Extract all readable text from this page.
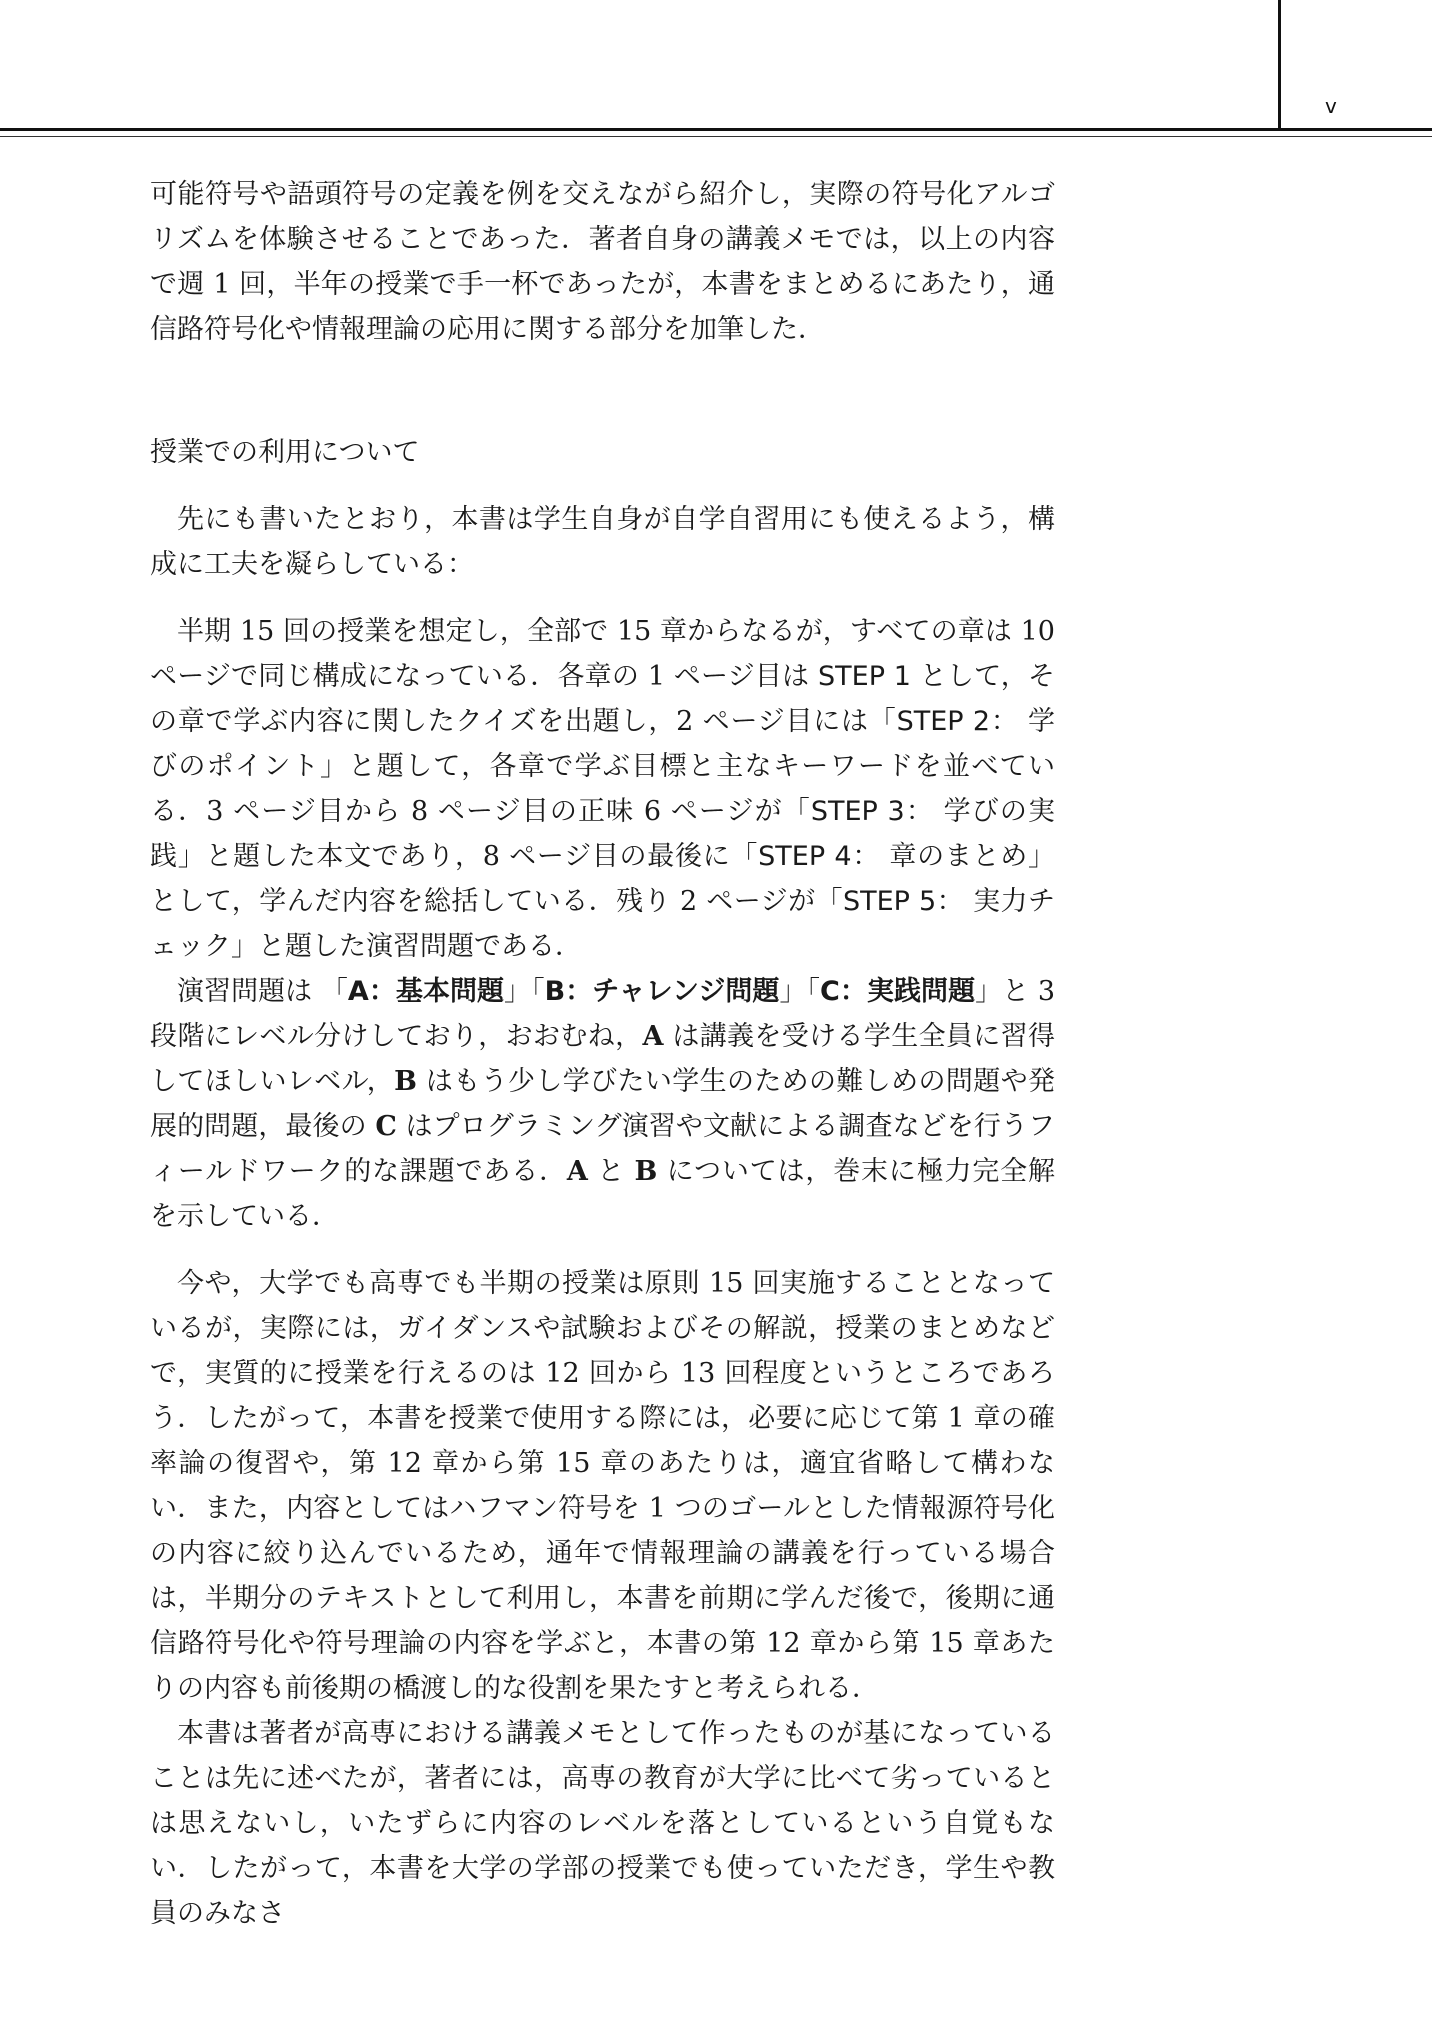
v

可能符号や語頭符号の定義を例を交えながら紹介し，実際の符号化アルゴリズムを体験させることであった．著者自身の講義メモでは，以上の内容で週 1 回，半年の授業で手一杯であったが，本書をまとめるにあたり，通信路符号化や情報理論の応用に関する部分を加筆した．

授業での利用について

先にも書いたとおり，本書は学生自身が自学自習用にも使えるよう，構成に工夫を凝らしている：

半期 15 回の授業を想定し，全部で 15 章からなるが，すべての章は 10 ページで同じ構成になっている．各章の 1 ページ目は STEP 1 として，その章で学ぶ内容に関したクイズを出題し，2 ページ目には「STEP 2： 学びのポイント」と題して，各章で学ぶ目標と主なキーワードを並べている．3 ページ目から 8 ページ目の正味 6 ページが「STEP 3： 学びの実践」と題した本文であり，8 ページ目の最後に「STEP 4： 章のまとめ」として，学んだ内容を総括している．残り 2 ページが「STEP 5： 実力チェック」と題した演習問題である．

演習問題は 「A：基本問題」「B：チャレンジ問題」「C：実践問題」と 3 段階にレベル分けしており，おおむね，A は講義を受ける学生全員に習得してほしいレベル，B はもう少し学びたい学生のための難しめの問題や発展的問題，最後の C はプログラミング演習や文献による調査などを行うフィールドワーク的な課題である．A と B については，巻末に極力完全解を示している．

今や，大学でも高専でも半期の授業は原則 15 回実施することとなっているが，実際には，ガイダンスや試験およびその解説，授業のまとめなどで，実質的に授業を行えるのは 12 回から 13 回程度というところであろう．したがって，本書を授業で使用する際には，必要に応じて第 1 章の確率論の復習や，第 12 章から第 15 章のあたりは，適宜省略して構わない．また，内容としてはハフマン符号を 1 つのゴールとした情報源符号化の内容に絞り込んでいるため，通年で情報理論の講義を行っている場合は，半期分のテキストとして利用し，本書を前期に学んだ後で，後期に通信路符号化や符号理論の内容を学ぶと，本書の第 12 章から第 15 章あたりの内容も前後期の橋渡し的な役割を果たすと考えられる．

本書は著者が高専における講義メモとして作ったものが基になっていることは先に述べたが，著者には，高専の教育が大学に比べて劣っているとは思えないし，いたずらに内容のレベルを落としているという自覚もない．したがって，本書を大学の学部の授業でも使っていただき，学生や教員のみなさ
